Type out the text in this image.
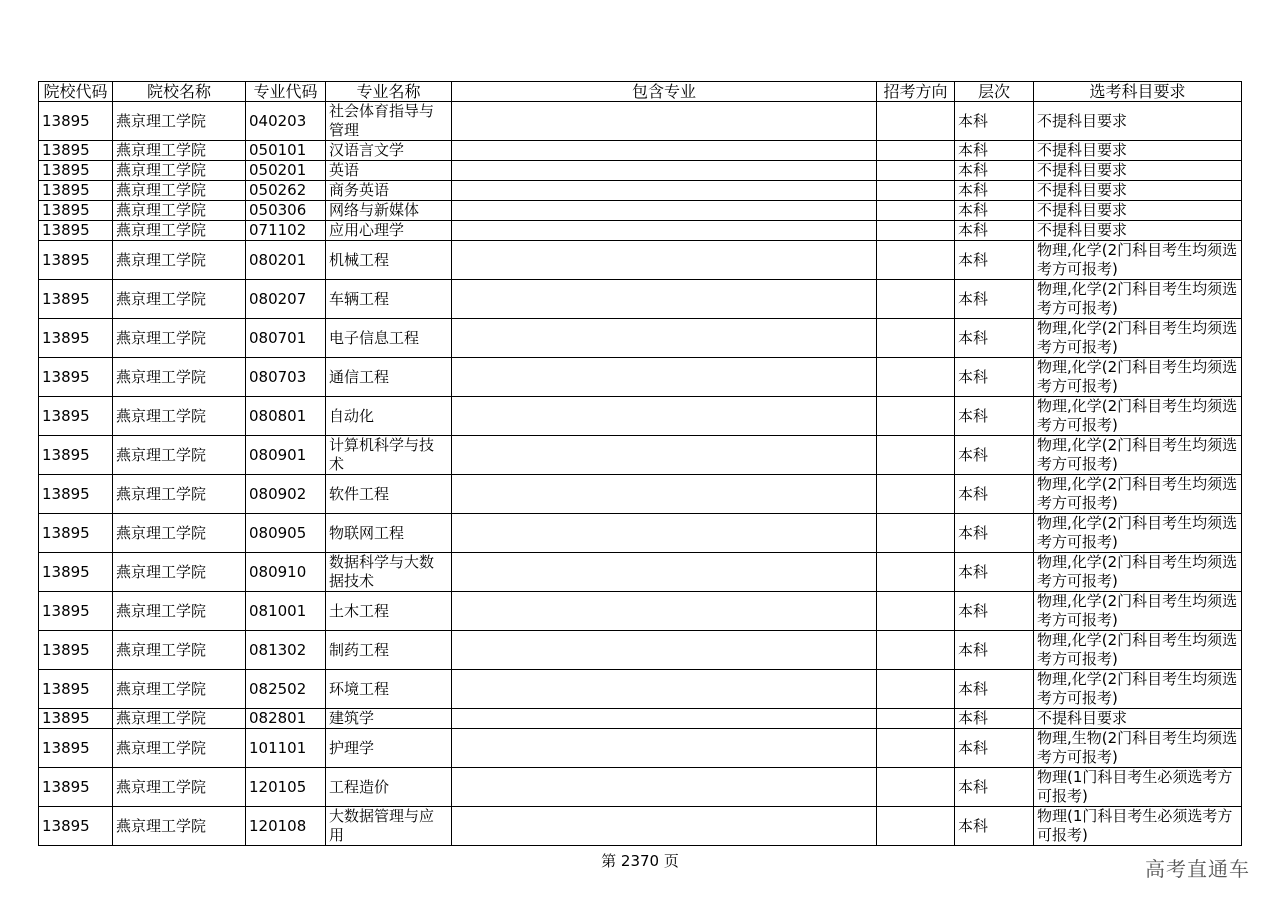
院校代码	院校名称	专业代码	专业名称	包含专业	招考方向	层次	选考科目要求
13895	燕京理工学院	040203	社会体育指导与管理			本科	不提科目要求
13895	燕京理工学院	050101	汉语言文学			本科	不提科目要求
13895	燕京理工学院	050201	英语			本科	不提科目要求
13895	燕京理工学院	050262	商务英语			本科	不提科目要求
13895	燕京理工学院	050306	网络与新媒体			本科	不提科目要求
13895	燕京理工学院	071102	应用心理学			本科	不提科目要求
13895	燕京理工学院	080201	机械工程			本科	物理,化学(2门科目考生均须选考方可报考)
13895	燕京理工学院	080207	车辆工程			本科	物理,化学(2门科目考生均须选考方可报考)
13895	燕京理工学院	080701	电子信息工程			本科	物理,化学(2门科目考生均须选考方可报考)
13895	燕京理工学院	080703	通信工程			本科	物理,化学(2门科目考生均须选考方可报考)
13895	燕京理工学院	080801	自动化			本科	物理,化学(2门科目考生均须选考方可报考)
13895	燕京理工学院	080901	计算机科学与技术			本科	物理,化学(2门科目考生均须选考方可报考)
13895	燕京理工学院	080902	软件工程			本科	物理,化学(2门科目考生均须选考方可报考)
13895	燕京理工学院	080905	物联网工程			本科	物理,化学(2门科目考生均须选考方可报考)
13895	燕京理工学院	080910	数据科学与大数据技术			本科	物理,化学(2门科目考生均须选考方可报考)
13895	燕京理工学院	081001	土木工程			本科	物理,化学(2门科目考生均须选考方可报考)
13895	燕京理工学院	081302	制药工程			本科	物理,化学(2门科目考生均须选考方可报考)
13895	燕京理工学院	082502	环境工程			本科	物理,化学(2门科目考生均须选考方可报考)
13895	燕京理工学院	082801	建筑学			本科	不提科目要求
13895	燕京理工学院	101101	护理学			本科	物理,生物(2门科目考生均须选考方可报考)
13895	燕京理工学院	120105	工程造价			本科	物理(1门科目考生必须选考方可报考)
13895	燕京理工学院	120108	大数据管理与应用			本科	物理(1门科目考生必须选考方可报考)
第 2370 页	高考直通车
